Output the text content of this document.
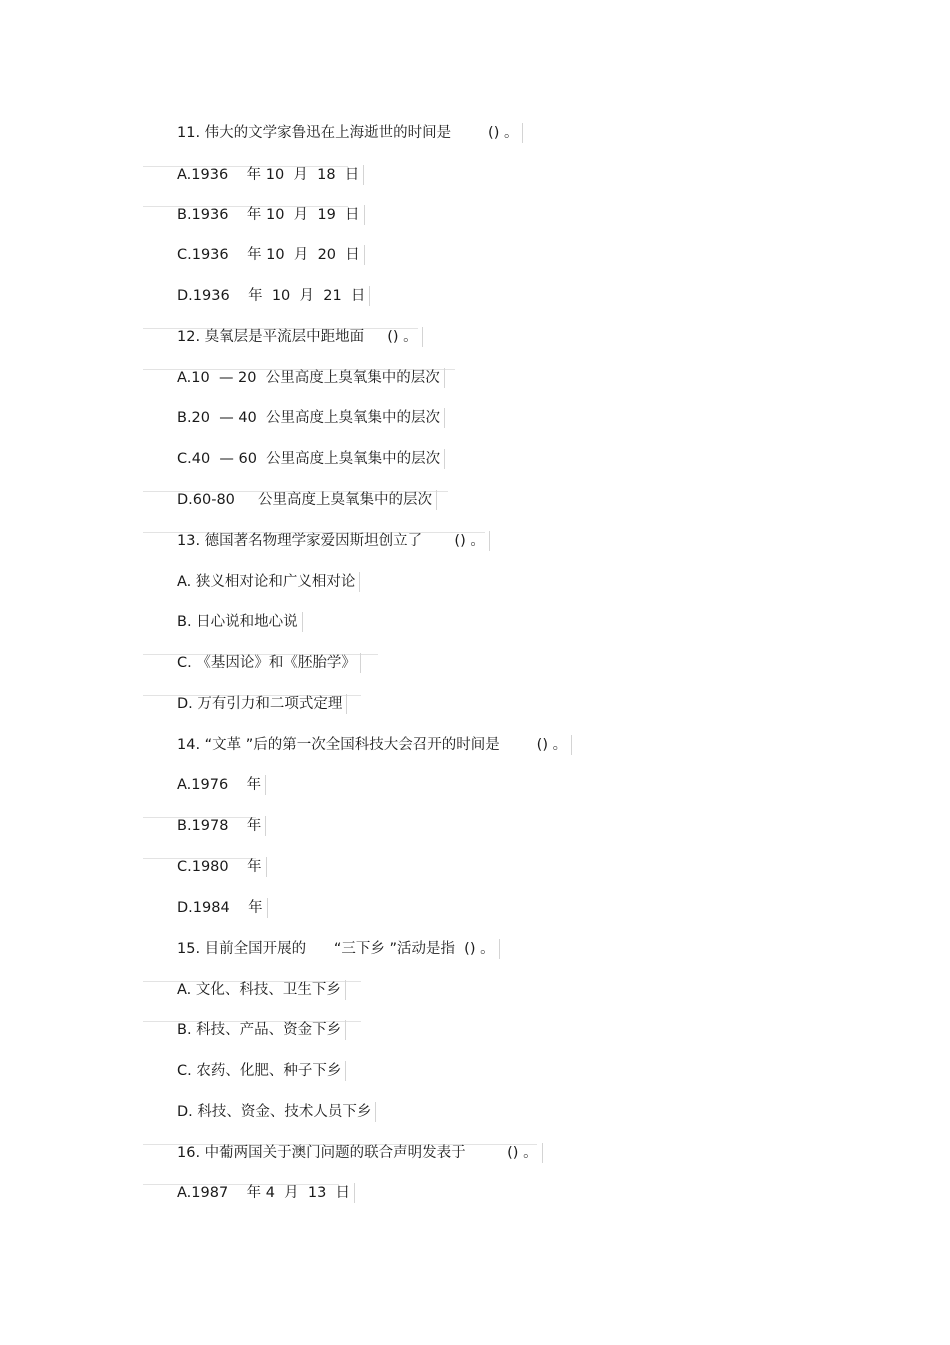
11. 伟大的文学家鲁迅在上海逝世的时间是        () 。
A.1936    年 10  月  18  日
B.1936    年 10  月  19  日
C.1936    年 10  月  20  日
D.1936    年  10  月  21  日
12. 臭氧层是平流层中距地面     () 。
A.10  — 20  公里高度上臭氧集中的层次
B.20  — 40  公里高度上臭氧集中的层次
C.40  — 60  公里高度上臭氧集中的层次
D.60-80     公里高度上臭氧集中的层次
13. 德国著名物理学家爱因斯坦创立了       () 。
A. 狭义相对论和广义相对论
B. 日心说和地心说
C. 《基因论》和《胚胎学》
D. 万有引力和二项式定理
14. “文革 ”后的第一次全国科技大会召开的时间是        () 。
A.1976    年
B.1978    年
C.1980    年
D.1984    年
15. 目前全国开展的      “三下乡 ”活动是指  () 。
A. 文化、科技、卫生下乡
B. 科技、产品、资金下乡
C. 农药、化肥、种子下乡
D. 科技、资金、技术人员下乡
16. 中葡两国关于澳门问题的联合声明发表于         () 。
A.1987    年 4  月  13  日
